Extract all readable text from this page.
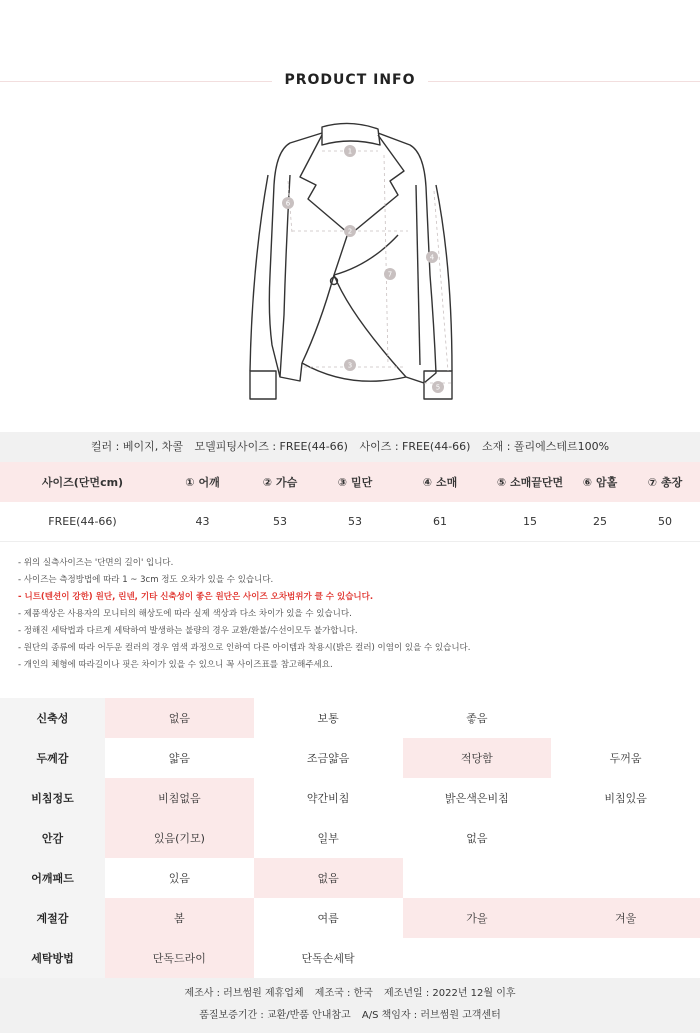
PRODUCT INFO
1
2
3
4
5
6
7
컬러 : 베이지, 차콜 모델피팅사이즈 : FREE(44-66) 사이즈 : FREE(44-66) 소재 : 폴리에스테르100%
사이즈(단면cm)	① 어깨	② 가슴	③ 밑단	④ 소매	⑤ 소매끝단면	⑥ 암홀	⑦ 총장
FREE(44-66)	43	53	53	61	15	25	50
- 위의 실측사이즈는 '단면의 길이' 입니다.
- 사이즈는 측정방법에 따라 1 ~ 3cm 정도 오차가 있을 수 있습니다.
- 니트(텐션이 강한) 원단, 린넨, 기타 신축성이 좋은 원단은 사이즈 오차범위가 클 수 있습니다.
- 제품색상은 사용자의 모니터의 해상도에 따라 실제 색상과 다소 차이가 있을 수 있습니다.
- 정해진 세탁법과 다르게 세탁하여 발생하는 불량의 경우 교환/환불/수선이모두 불가합니다.
- 원단의 종류에 따라 어두운 컬러의 경우 염색 과정으로 인하여 다른 아이템과 착용시(밝은 컬러) 이염이 있을 수 있습니다.
- 개인의 체형에 따라길이나 핏은 차이가 있을 수 있으니 꼭 사이즈표를 참고해주세요.
신축성	없음	보통	좋음
두께감	얇음	조금얇음	적당함	두꺼움
비침정도	비침없음	약간비침	밝은색은비침	비침있음
안감	있음(기모)	일부	없음
어깨패드	있음	없음
계절감	봄	여름	가을	겨울
세탁방법	단독드라이	단독손세탁
제조사 : 러브썸원 제휴업체 제조국 : 한국 제조년일 : 2022년 12월 이후
품질보증기간 : 교환/반품 안내참고 A/S 책임자 : 러브썸원 고객센터
